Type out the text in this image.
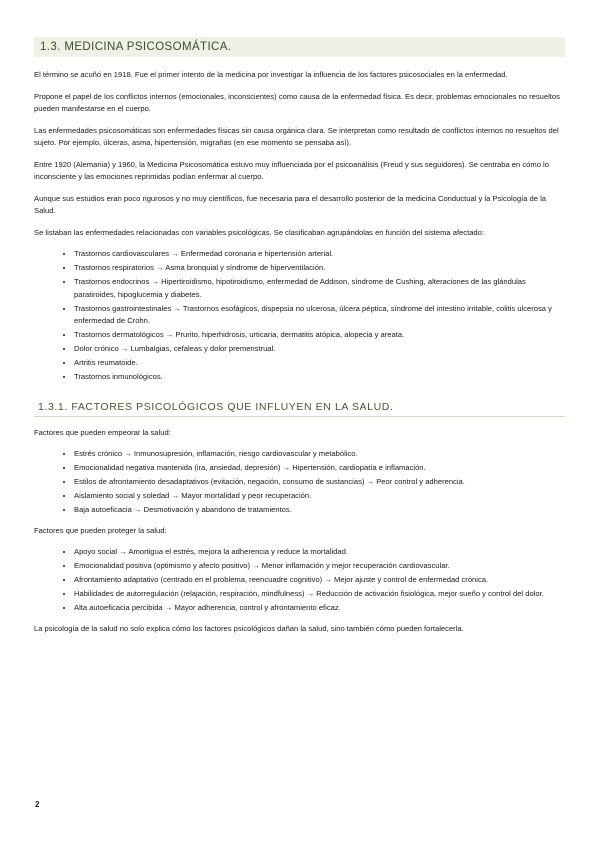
1.3. MEDICINA PSICOSOMÁTICA.

El término se acuñó en 1918. Fue el primer intento de la medicina por investigar la influencia de los factores psicosociales en la enfermedad.

Propone el papel de los conflictos internos (emocionales, inconscientes) como causa de la enfermedad física. Es decir, problemas emocionales no resueltos pueden manifestarse en el cuerpo.

Las enfermedades psicosomáticas son enfermedades físicas sin causa orgánica clara. Se interpretan como resultado de conflictos internos no resueltos del sujeto. Por ejemplo, úlceras, asma, hipertensión, migrañas (en ese momento se pensaba así).

Entre 1920 (Alemania) y 1960, la Medicina Psicosomática estuvo muy influenciada por el psicoanálisis (Freud y sus seguidores). Se centraba en cómo lo inconsciente y las emociones reprimidas podían enfermar al cuerpo.

Aunque sus estudios eran poco rigurosos y no muy científicos, fue necesaria para el desarrollo posterior de la medicina Conductual y la Psicología de la Salud.

Se listaban las enfermedades relacionadas con variables psicológicas. Se clasificaban agrupándolas en función del sistema afectado:

• Trastornos cardiovasculares → Enfermedad coronaria e hipertensión arterial.
• Trastornos respiratorios → Asma bronquial y síndrome de hiperventilación.
• Trastornos endocrinos → Hipertiroidismo, hipotiroidismo, enfermedad de Addison, síndrome de Cushing, alteraciones de las glándulas paratiroides, hipoglucemia y diabetes.
• Trastornos gastrointestinales → Trastornos esofágicos, dispepsia no ulcerosa, úlcera péptica, síndrome del intestino irritable, colitis ulcerosa y enfermedad de Crohn.
• Trastornos dermatológicos → Prurito, hiperhidrosis, urticaria, dermatitis atópica, alopecia y areata.
• Dolor crónico → Lumbalgias, cefaleas y dolor premenstrual.
• Artritis reumatoide.
• Trastornos inmunológicos.
1.3.1. FACTORES PSICOLÓGICOS QUE INFLUYEN EN LA SALUD.

Factores que pueden empeorar la salud:

• Estrés crónico → Inmunosupresión, inflamación, riesgo cardiovascular y metabólico.
• Emocionalidad negativa mantenida (ira, ansiedad, depresión) → Hipertensión, cardiopatía e inflamación.
• Estilos de afrontamiento desadaptativos (evitación, negación, consumo de sustancias) → Peor control y adherencia.
• Aislamiento social y soledad → Mayor mortalidad y peor recuperación.
• Baja autoeficacia → Desmotivación y abandono de tratamientos.

Factores que pueden proteger la salud:

• Apoyo social → Amortigua el estrés, mejora la adherencia y reduce la mortalidad.
• Emocionalidad positiva (optimismo y afecto positivo) → Menor inflamación y mejor recuperación cardiovascular.
• Afrontamiento adaptativo (centrado en el problema, reencuadre cognitivo) → Mejor ajuste y control de enfermedad crónica.
• Habilidades de autorregulación (relajación, respiración, mindfulness) → Reducción de activación fisiológica, mejor sueño y control del dolor.
• Alta autoeficacia percibida → Mayor adherencia, control y afrontamiento eficaz.

La psicología de la salud no solo explica cómo los factores psicológicos dañan la salud, sino también cómo pueden fortalecerla.

2
